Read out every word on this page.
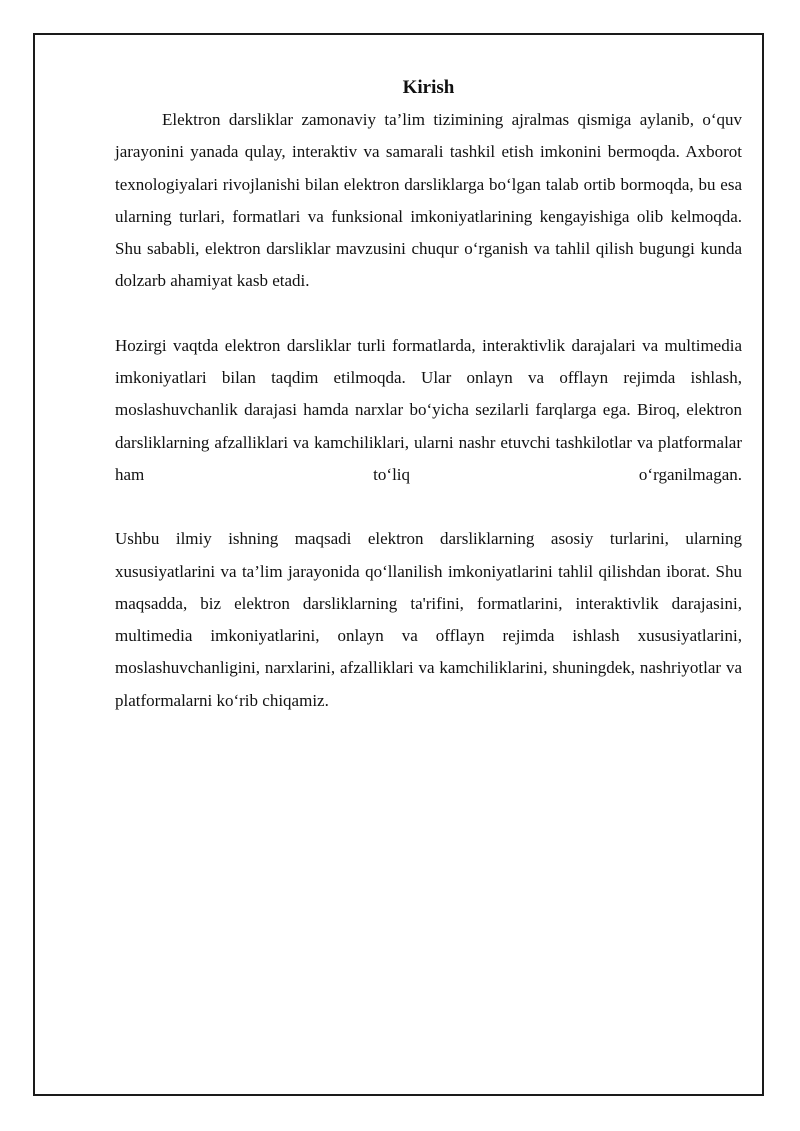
Kirish

Elektron darsliklar zamonaviy ta’lim tizimining ajralmas qismiga aylanib, o‘quv jarayonini yanada qulay, interaktiv va samarali tashkil etish imkonini bermoqda. Axborot texnologiyalari rivojlanishi bilan elektron darsliklarga bo‘lgan talab ortib bormoqda, bu esa ularning turlari, formatlari va funksional imkoniyatlarining kengayishiga olib kelmoqda. Shu sababli, elektron darsliklar mavzusini chuqur o‘rganish va tahlil qilish bugungi kunda dolzarb ahamiyat kasb etadi.

Hozirgi vaqtda elektron darsliklar turli formatlarda, interaktivlik darajalari va multimedia imkoniyatlari bilan taqdim etilmoqda. Ular onlayn va offlayn rejimda ishlash, moslashuvchanlik darajasi hamda narxlar bo‘yicha sezilarli farqlarga ega. Biroq, elektron darsliklarning afzalliklari va kamchiliklari, ularni nashr etuvchi tashkilotlar va platformalar ham to‘liq o‘rganilmagan.

Ushbu ilmiy ishning maqsadi elektron darsliklarning asosiy turlarini, ularning xususiyatlarini va ta’lim jarayonida qo‘llanilish imkoniyatlarini tahlil qilishdan iborat. Shu maqsadda, biz elektron darsliklarning ta'rifini, formatlarini, interaktivlik darajasini, multimedia imkoniyatlarini, onlayn va offlayn rejimda ishlash xususiyatlarini, moslashuvchanligini, narxlarini, afzalliklari va kamchiliklarini, shuningdek, nashriyotlar va platformalarni ko‘rib chiqamiz.
